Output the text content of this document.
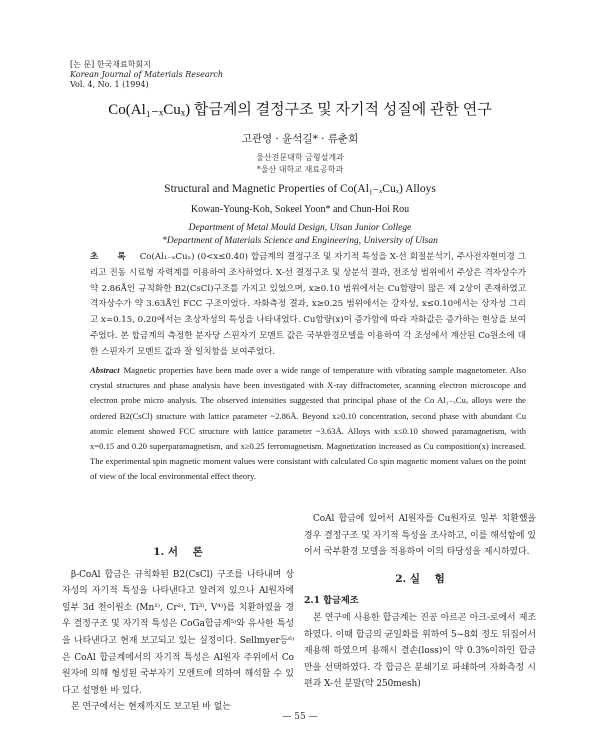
[논 문] 한국재료학회지
Korean Journal of Materials Research
Vol. 4, No. 1 (1994)
Co(Al₁₋ₓCuₓ) 합금계의 결정구조 및 자기적 성질에 관한 연구
고관영 · 윤석길* · 류춘회
울산전문대학 금형설계과
*울산 대학교 재료공학과
Structural and Magnetic Properties of Co(Al₁₋ₓCuₓ) Alloys
Kowan-Young-Koh, Sokeel Yoon* and Chun-Hoi Rou
Department of Metal Mould Design, Ulsan Junior College
*Department of Materials Science and Engineering, University of Ulsan
초 록 Co(Al₁₋ₓCuₓ) (0<x≤0.40) 합금계의 결정구조 및 자기적 특성을 X-선 회절분석기, 주사전자현미경 그리고 진동 시료형 자력계를 이용하여 조사하였다. X-선 결정구조 및 상분석 결과, 전조성 범위에서 주상은 격자상수가 약 2.86Å인 규칙화한 B2(CsCl)구조를 가지고 있었으며, x≥0.10 범위에서는 Cu함량이 많은 제 2상이 존재하였고 격자상수가 약 3.63Å인 FCC 구조이었다. 자화측정 결과, x≥0.25 범위에서는 강자성, x≤0.10에서는 상자성 그리고 x=0.15, 0.20에서는 초상자성의 특성을 나타내었다. Cu함량(x)이 증가함에 따라 자화값은 증가하는 현상을 보여주었다. 본 합금계의 측정한 분자당 스핀자기 모멘트 값은 국부환경모델을 이용하여 각 조성에서 계산된 Co원소에 대한 스핀자기 모멘트 값과 잘 일치함을 보여주었다.
Abstract Magnetic properties have been made over a wide range of temperature with vibrating sample magnetometer. Also crystal structures and phase analysis have been investigated with X-ray diffractometer, scanning electron microscope and electron probe micro analysis. The observed intensities suggested that principal phase of the Co Al₁₋ₓCuₓ alloys were the ordered B2(CsCl) structure with lattice parameter ~2.86Å. Beyond x≥0.10 concentration, second phase with abundant Cu atomic element showed FCC structure with lattice parameter ~3.63Å. Alloys with x≤0.10 showed paramagnetism, with x=0.15 and 0.20 superparamagnetism, and x≥0.25 ferromagnetism. Magnetization increased as Cu composition(x) increased. The experimental spin magnetic moment values were consistant with calculated Co spin magnetic moment values on the point of view of the local environmental effect theory.
1. 서    론

β-CoAl 합금은 규칙화된 B2(CsCl) 구조를 나타내며 상자성의 자기적 특성을 나타낸다고 알려져 있으나 Al원자에 일부 3d 천이원소 (Mn¹⁾, Cr²⁾, Ti³⁾, V⁴⁾)를 치환하였을 경우 결정구조 및 자기적 특성은 CoGa합금계⁵⁾와 유사한 특성을 나타낸다고 현재 보고되고 있는 실정이다. Sellmyer등⁶⁾은 CoAl 합금계에서의 자기적 특성은 Al원자 주위에서 Co원자에 의해 형성된 국부자기 모멘트에 의하여 해석할 수 있다고 설명한 바 있다.

본 연구에서는 현재까지도 보고된 바 없는

CoAl 합금에 있어서 Al원자를 Cu원자로 일부 치환했을 경우 결정구조 및 자기적 특성을 조사하고, 이를 해석함에 있어서 국부환경 모델을 적용하여 이의 타당성을 제시하였다.

2. 실    험
2.1 합금제조

본 연구에 사용한 합금계는 진공 아르곤 아크-로에서 제조하였다. 이때 합금의 균일화를 위하여 5~8회 정도 뒤집어서 재용해 하였으며 용해시 결손(loss)이 약 0.3%이하인 합금만을 선택하였다. 각 합금은 분쇄기로 파쇄하여 자화측정 시편과 X-선 분말(약 250mesh)

— 55 —
